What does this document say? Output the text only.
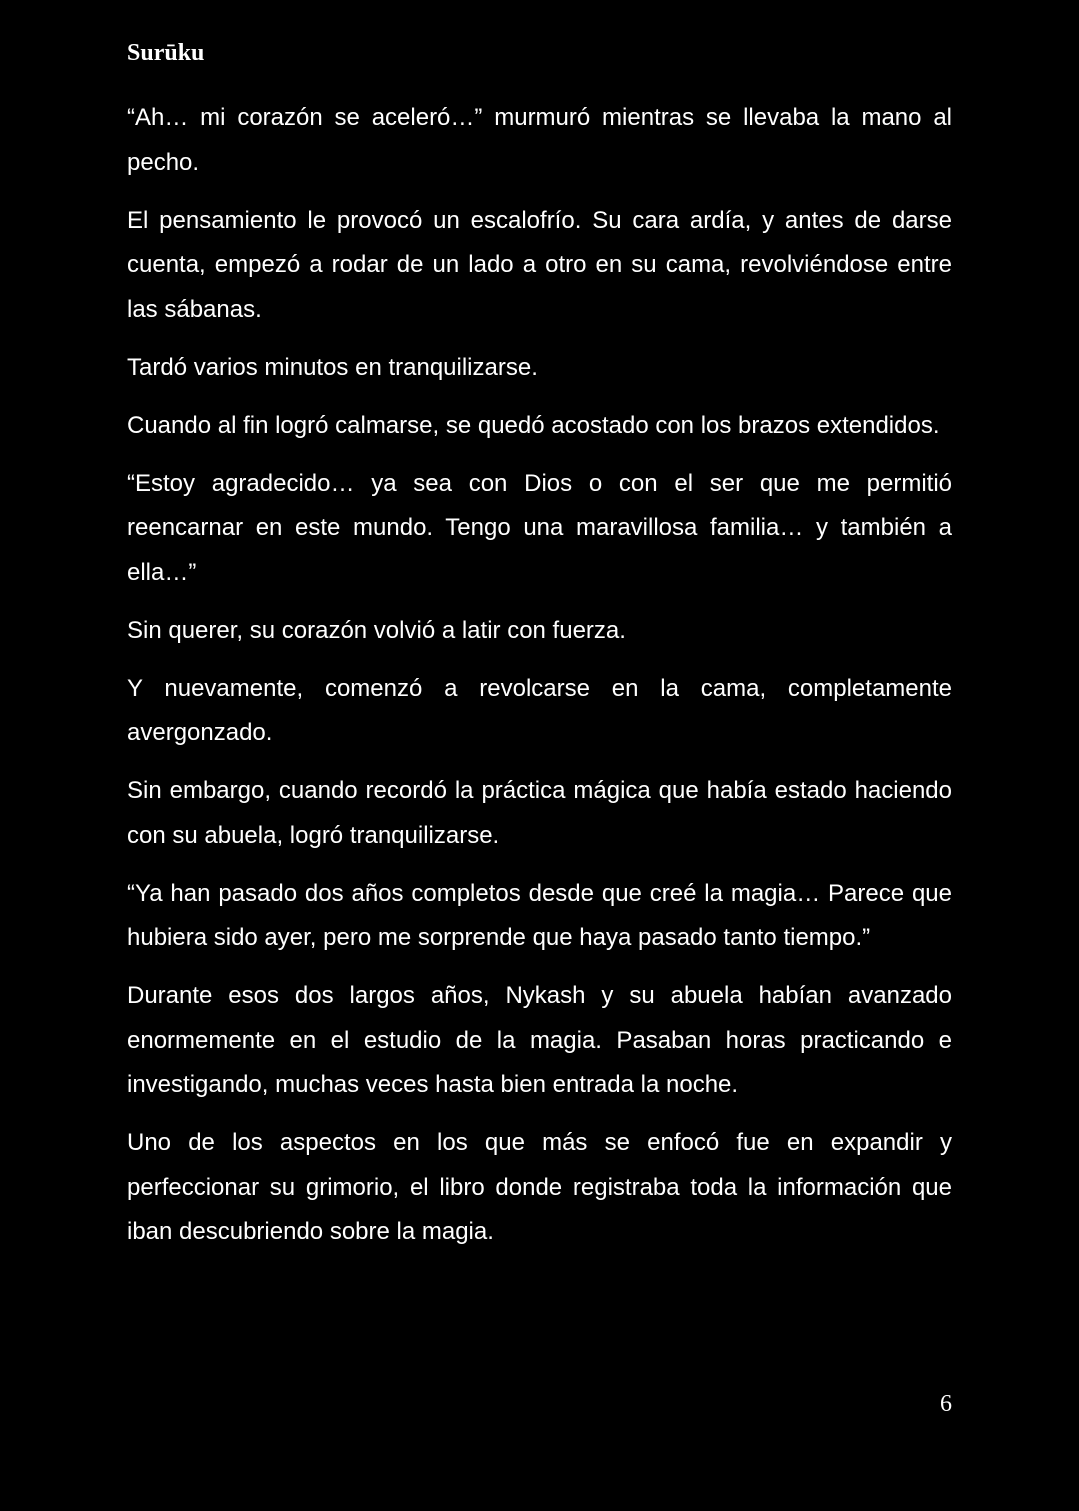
Surūku

“Ah… mi corazón se aceleró…” murmuró mientras se llevaba la mano al pecho.

El pensamiento le provocó un escalofrío. Su cara ardía, y antes de darse cuenta, empezó a rodar de un lado a otro en su cama, revolviéndose entre las sábanas.

Tardó varios minutos en tranquilizarse.

Cuando al fin logró calmarse, se quedó acostado con los brazos extendidos.

“Estoy agradecido… ya sea con Dios o con el ser que me permitió reencarnar en este mundo. Tengo una maravillosa familia… y también a ella…”

Sin querer, su corazón volvió a latir con fuerza.

Y nuevamente, comenzó a revolcarse en la cama, completamente avergonzado.

Sin embargo, cuando recordó la práctica mágica que había estado haciendo con su abuela, logró tranquilizarse.

“Ya han pasado dos años completos desde que creé la magia… Parece que hubiera sido ayer, pero me sorprende que haya pasado tanto tiempo.”

Durante esos dos largos años, Nykash y su abuela habían avanzado enormemente en el estudio de la magia. Pasaban horas practicando e investigando, muchas veces hasta bien entrada la noche.

Uno de los aspectos en los que más se enfocó fue en expandir y perfeccionar su grimorio, el libro donde registraba toda la información que iban descubriendo sobre la magia.

6
